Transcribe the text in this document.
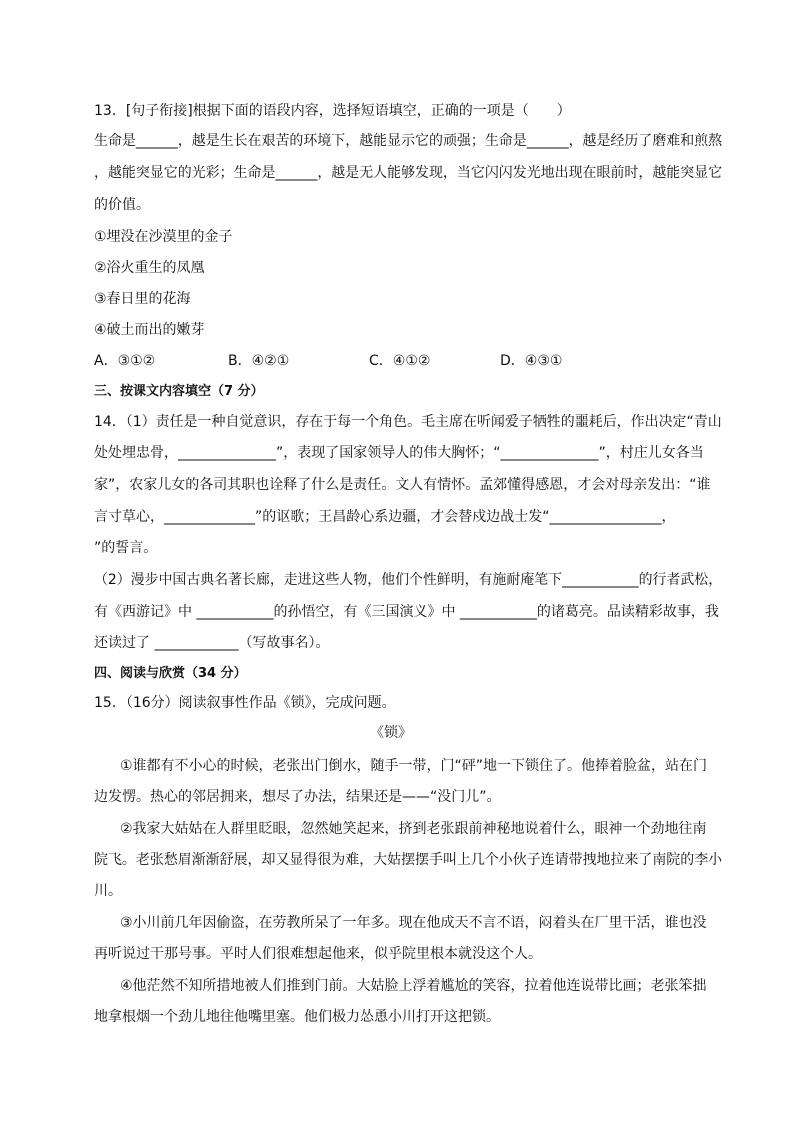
13．[句子衔接]根据下面的语段内容，选择短语填空，正确的一项是（　　）
生命是______，越是生长在艰苦的环境下，越能显示它的顽强；生命是______，越是经历了磨难和煎熬
，越能突显它的光彩；生命是______，越是无人能够发现，当它闪闪发光地出现在眼前时，越能突显它
的价值。
①埋没在沙漠里的金子
②浴火重生的凤凰
③春日里的花海
④破土而出的嫩芽
A．③①②	B．④②①	C．④①②	D．④③①
三、按课文内容填空（7 分）
14．（1）责任是一种自觉意识，存在于每一个角色。毛主席在听闻爱子牺牲的噩耗后，作出决定“青山
处处埋忠骨，______________”，表现了国家领导人的伟大胸怀；“______________”，村庄儿女各当
家”，农家儿女的各司其职也诠释了什么是责任。文人有情怀。孟郊懂得感恩，才会对母亲发出：“谁
言寸草心，_____________”的讴歌；王昌龄心系边疆，才会替戍边战士发“________________，
”的誓言。
（2）漫步中国古典名著长廊，走进这些人物，他们个性鲜明，有施耐庵笔下___________的行者武松，
有《西游记》中 ___________的孙悟空，有《三国演义》中 ___________的诸葛亮。品读精彩故事，我
还读过了 ____________（写故事名）。
四、阅读与欣赏（34 分）
15．（16分）阅读叙事性作品《锁》，完成问题。
《锁》
①谁都有不小心的时候，老张出门倒水，随手一带，门“砰”地一下锁住了。他捧着脸盆，站在门
边发愣。热心的邻居拥来，想尽了办法，结果还是——“没门儿”。
②我家大姑姑在人群里眨眼，忽然她笑起来，挤到老张跟前神秘地说着什么，眼神一个劲地往南
院飞。老张愁眉渐渐舒展，却又显得很为难，大姑摆摆手叫上几个小伙子连请带拽地拉来了南院的李小
川。
③小川前几年因偷盗，在劳教所呆了一年多。现在他成天不言不语，闷着头在厂里干活，谁也没
再听说过干那号事。平时人们很难想起他来，似乎院里根本就没这个人。
④他茫然不知所措地被人们推到门前。大姑脸上浮着尴尬的笑容，拉着他连说带比画；老张笨拙
地拿根烟一个劲儿地往他嘴里塞。他们极力怂恿小川打开这把锁。
